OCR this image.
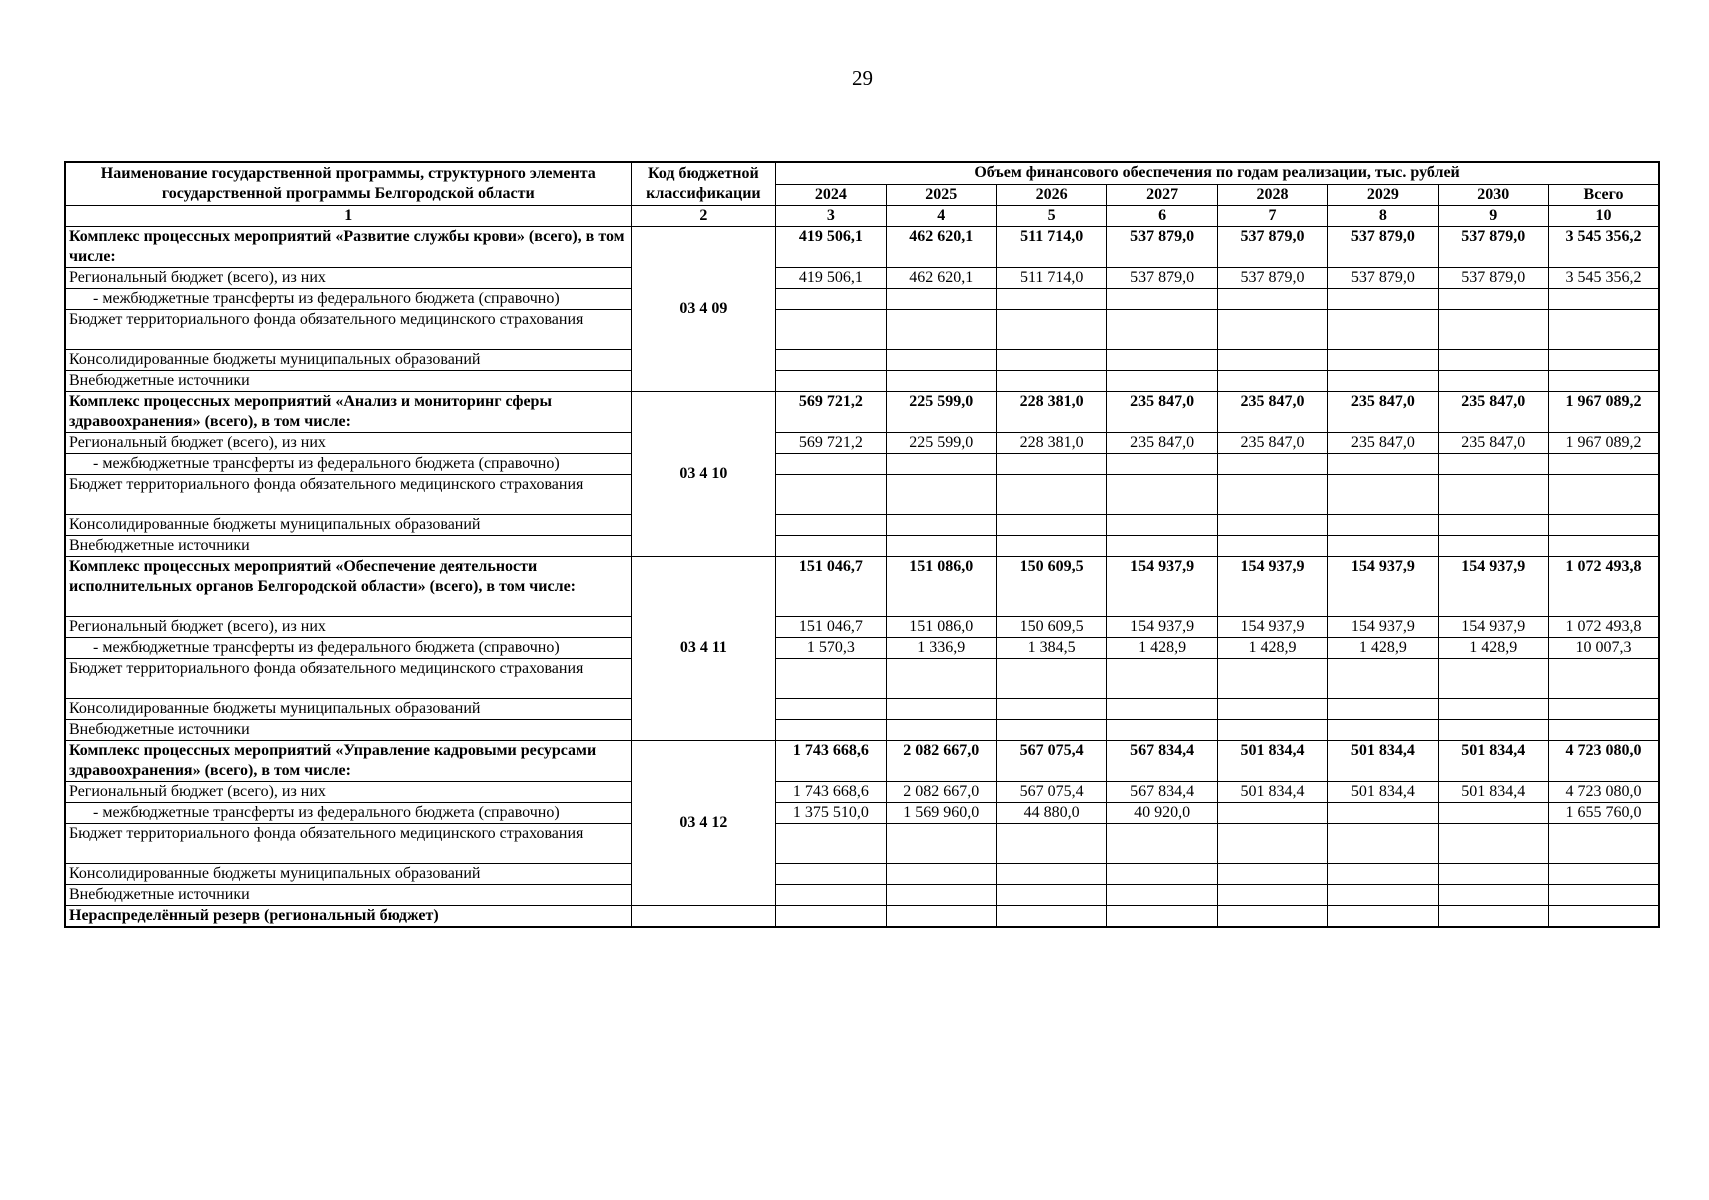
29
Наименование государственной программы, структурного элемента государственной программы Белгородской области	Код бюджетной классификации	Объем финансового обеспечения по годам реализации, тыс. рублей							
		2024	2025	2026	2027	2028	2029	2030	Всего
1	2	3	4	5	6	7	8	9	10
Комплекс процессных мероприятий «Развитие службы крови» (всего), в том числе:	03 4 09	419 506,1	462 620,1	511 714,0	537 879,0	537 879,0	537 879,0	537 879,0	3 545 356,2
Региональный бюджет (всего), из них		419 506,1	462 620,1	511 714,0	537 879,0	537 879,0	537 879,0	537 879,0	3 545 356,2
- межбюджетные трансферты из федерального бюджета (справочно)									
Бюджет территориального фонда обязательного медицинского страхования									
Консолидированные бюджеты муниципальных образований									
Внебюджетные источники									
Комплекс процессных мероприятий «Анализ и мониторинг сферы здравоохранения» (всего), в том числе:	03 4 10	569 721,2	225 599,0	228 381,0	235 847,0	235 847,0	235 847,0	235 847,0	1 967 089,2
Региональный бюджет (всего), из них		569 721,2	225 599,0	228 381,0	235 847,0	235 847,0	235 847,0	235 847,0	1 967 089,2
- межбюджетные трансферты из федерального бюджета (справочно)									
Бюджет территориального фонда обязательного медицинского страхования									
Консолидированные бюджеты муниципальных образований									
Внебюджетные источники									
Комплекс процессных мероприятий «Обеспечение деятельности исполнительных органов Белгородской области» (всего), в том числе:	03 4 11	151 046,7	151 086,0	150 609,5	154 937,9	154 937,9	154 937,9	154 937,9	1 072 493,8
Региональный бюджет (всего), из них		151 046,7	151 086,0	150 609,5	154 937,9	154 937,9	154 937,9	154 937,9	1 072 493,8
- межбюджетные трансферты из федерального бюджета (справочно)		1 570,3	1 336,9	1 384,5	1 428,9	1 428,9	1 428,9	1 428,9	10 007,3
Бюджет территориального фонда обязательного медицинского страхования									
Консолидированные бюджеты муниципальных образований									
Внебюджетные источники									
Комплекс процессных мероприятий «Управление кадровыми ресурсами здравоохранения» (всего), в том числе:	03 4 12	1 743 668,6	2 082 667,0	567 075,4	567 834,4	501 834,4	501 834,4	501 834,4	4 723 080,0
Региональный бюджет (всего), из них		1 743 668,6	2 082 667,0	567 075,4	567 834,4	501 834,4	501 834,4	501 834,4	4 723 080,0
- межбюджетные трансферты из федерального бюджета (справочно)		1 375 510,0	1 569 960,0	44 880,0	40 920,0				1 655 760,0
Бюджет территориального фонда обязательного медицинского страхования									
Консолидированные бюджеты муниципальных образований									
Внебюджетные источники									
Нераспределённый резерв (региональный бюджет)									
